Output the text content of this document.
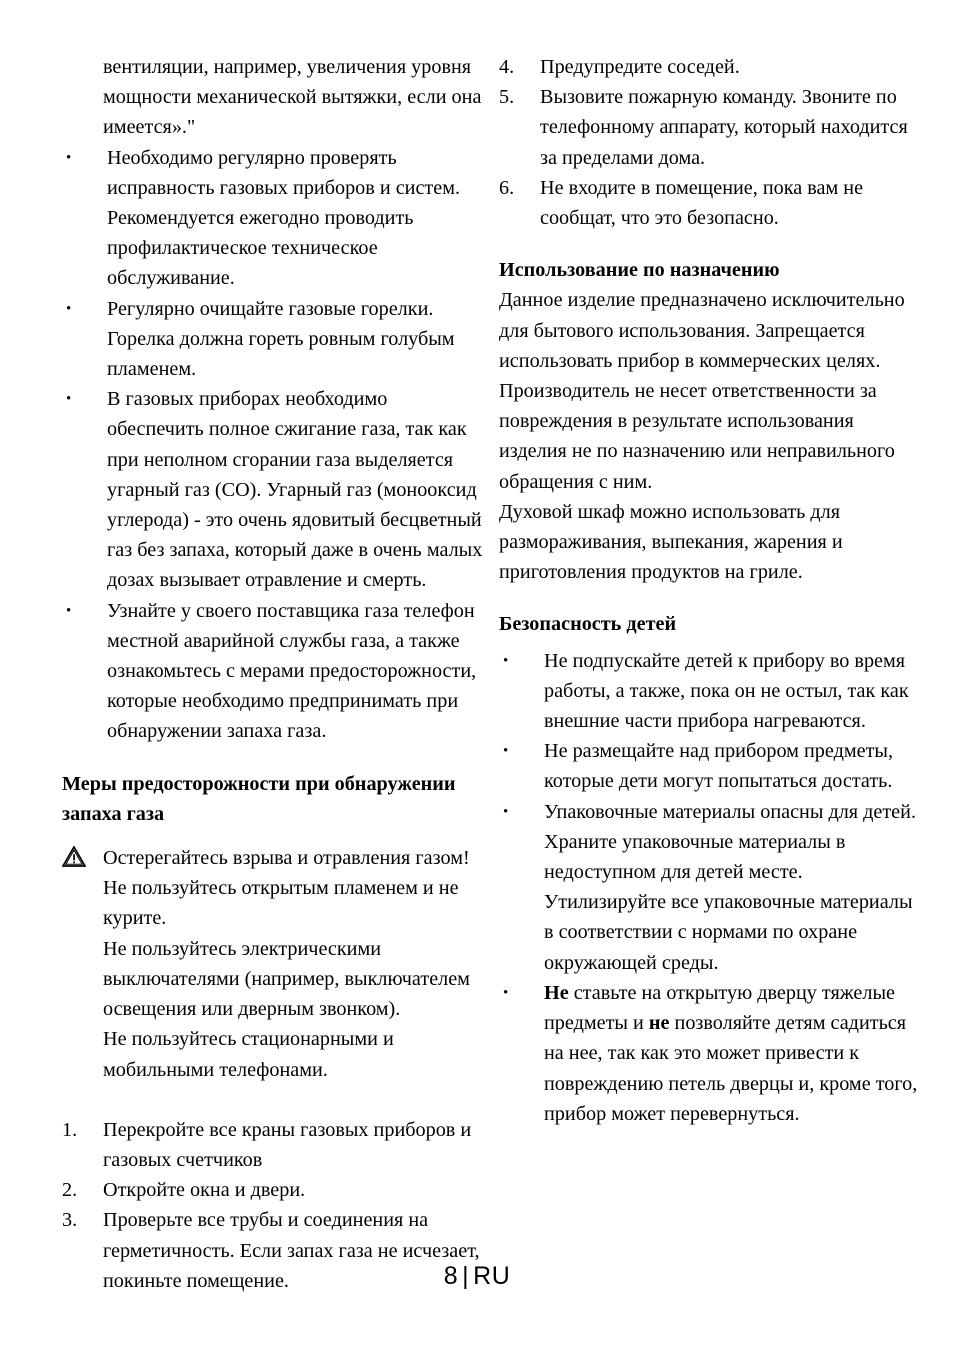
вентиляции, например, увеличения уровня мощности механической вытяжки, если она имеется»."

•	Необходимо регулярно проверять исправность газовых приборов и систем. Рекомендуется ежегодно проводить профилактическое техническое обслуживание.
•	Регулярно очищайте газовые горелки. Горелка должна гореть ровным голубым пламенем.
•	В газовых приборах необходимо обеспечить полное сжигание газа, так как при неполном сгорании газа выделяется угарный газ (СО). Угарный газ (монооксид углерода) - это очень ядовитый бесцветный газ без запаха, который даже в очень малых дозах вызывает отравление и смерть.
•	Узнайте у своего поставщика газа телефон местной аварийной службы газа, а также ознакомьтесь с мерами предосторожности, которые необходимо предпринимать при обнаружении запаха газа.

Меры предосторожности при обнаружении запаха газа

Остерегайтесь взрыва и отравления газом!

Не пользуйтесь открытым пламенем и не курите.

Не пользуйтесь электрическими выключателями (например, выключателем освещения или дверным звонком).

Не пользуйтесь стационарными и мобильными телефонами.

1.	Перекройте все краны газовых приборов и газовых счетчиков
2.	Откройте окна и двери.
3.	Проверьте все трубы и соединения на герметичность. Если запах газа не исчезает, покиньте помещение.
4.	Предупредите соседей.
5.	Вызовите пожарную команду. Звоните по телефонному аппарату, который находится за пределами дома.
6.	Не входите в помещение, пока вам не сообщат, что это безопасно.

Использование по назначению

Данное изделие предназначено исключительно для бытового использования. Запрещается использовать прибор в коммерческих целях.

Производитель не несет ответственности за повреждения в результате использования изделия не по назначению или неправильного обращения с ним.

Духовой шкаф можно использовать для размораживания, выпекания, жарения и приготовления продуктов на гриле.

Безопасность детей

•	Не подпускайте детей к прибору во время работы, а также, пока он не остыл, так как внешние части прибора нагреваются.
•	Не размещайте над прибором предметы, которые дети могут попытаться достать.
•	Упаковочные материалы опасны для детей. Храните упаковочные материалы в недоступном для детей месте. Утилизируйте все упаковочные материалы в соответствии с нормами по охране окружающей среды.
•	Не ставьте на открытую дверцу тяжелые предметы и не позволяйте детям садиться на нее, так как это может привести к повреждению петель дверцы и, кроме того, прибор может перевернуться.
8 | RU
